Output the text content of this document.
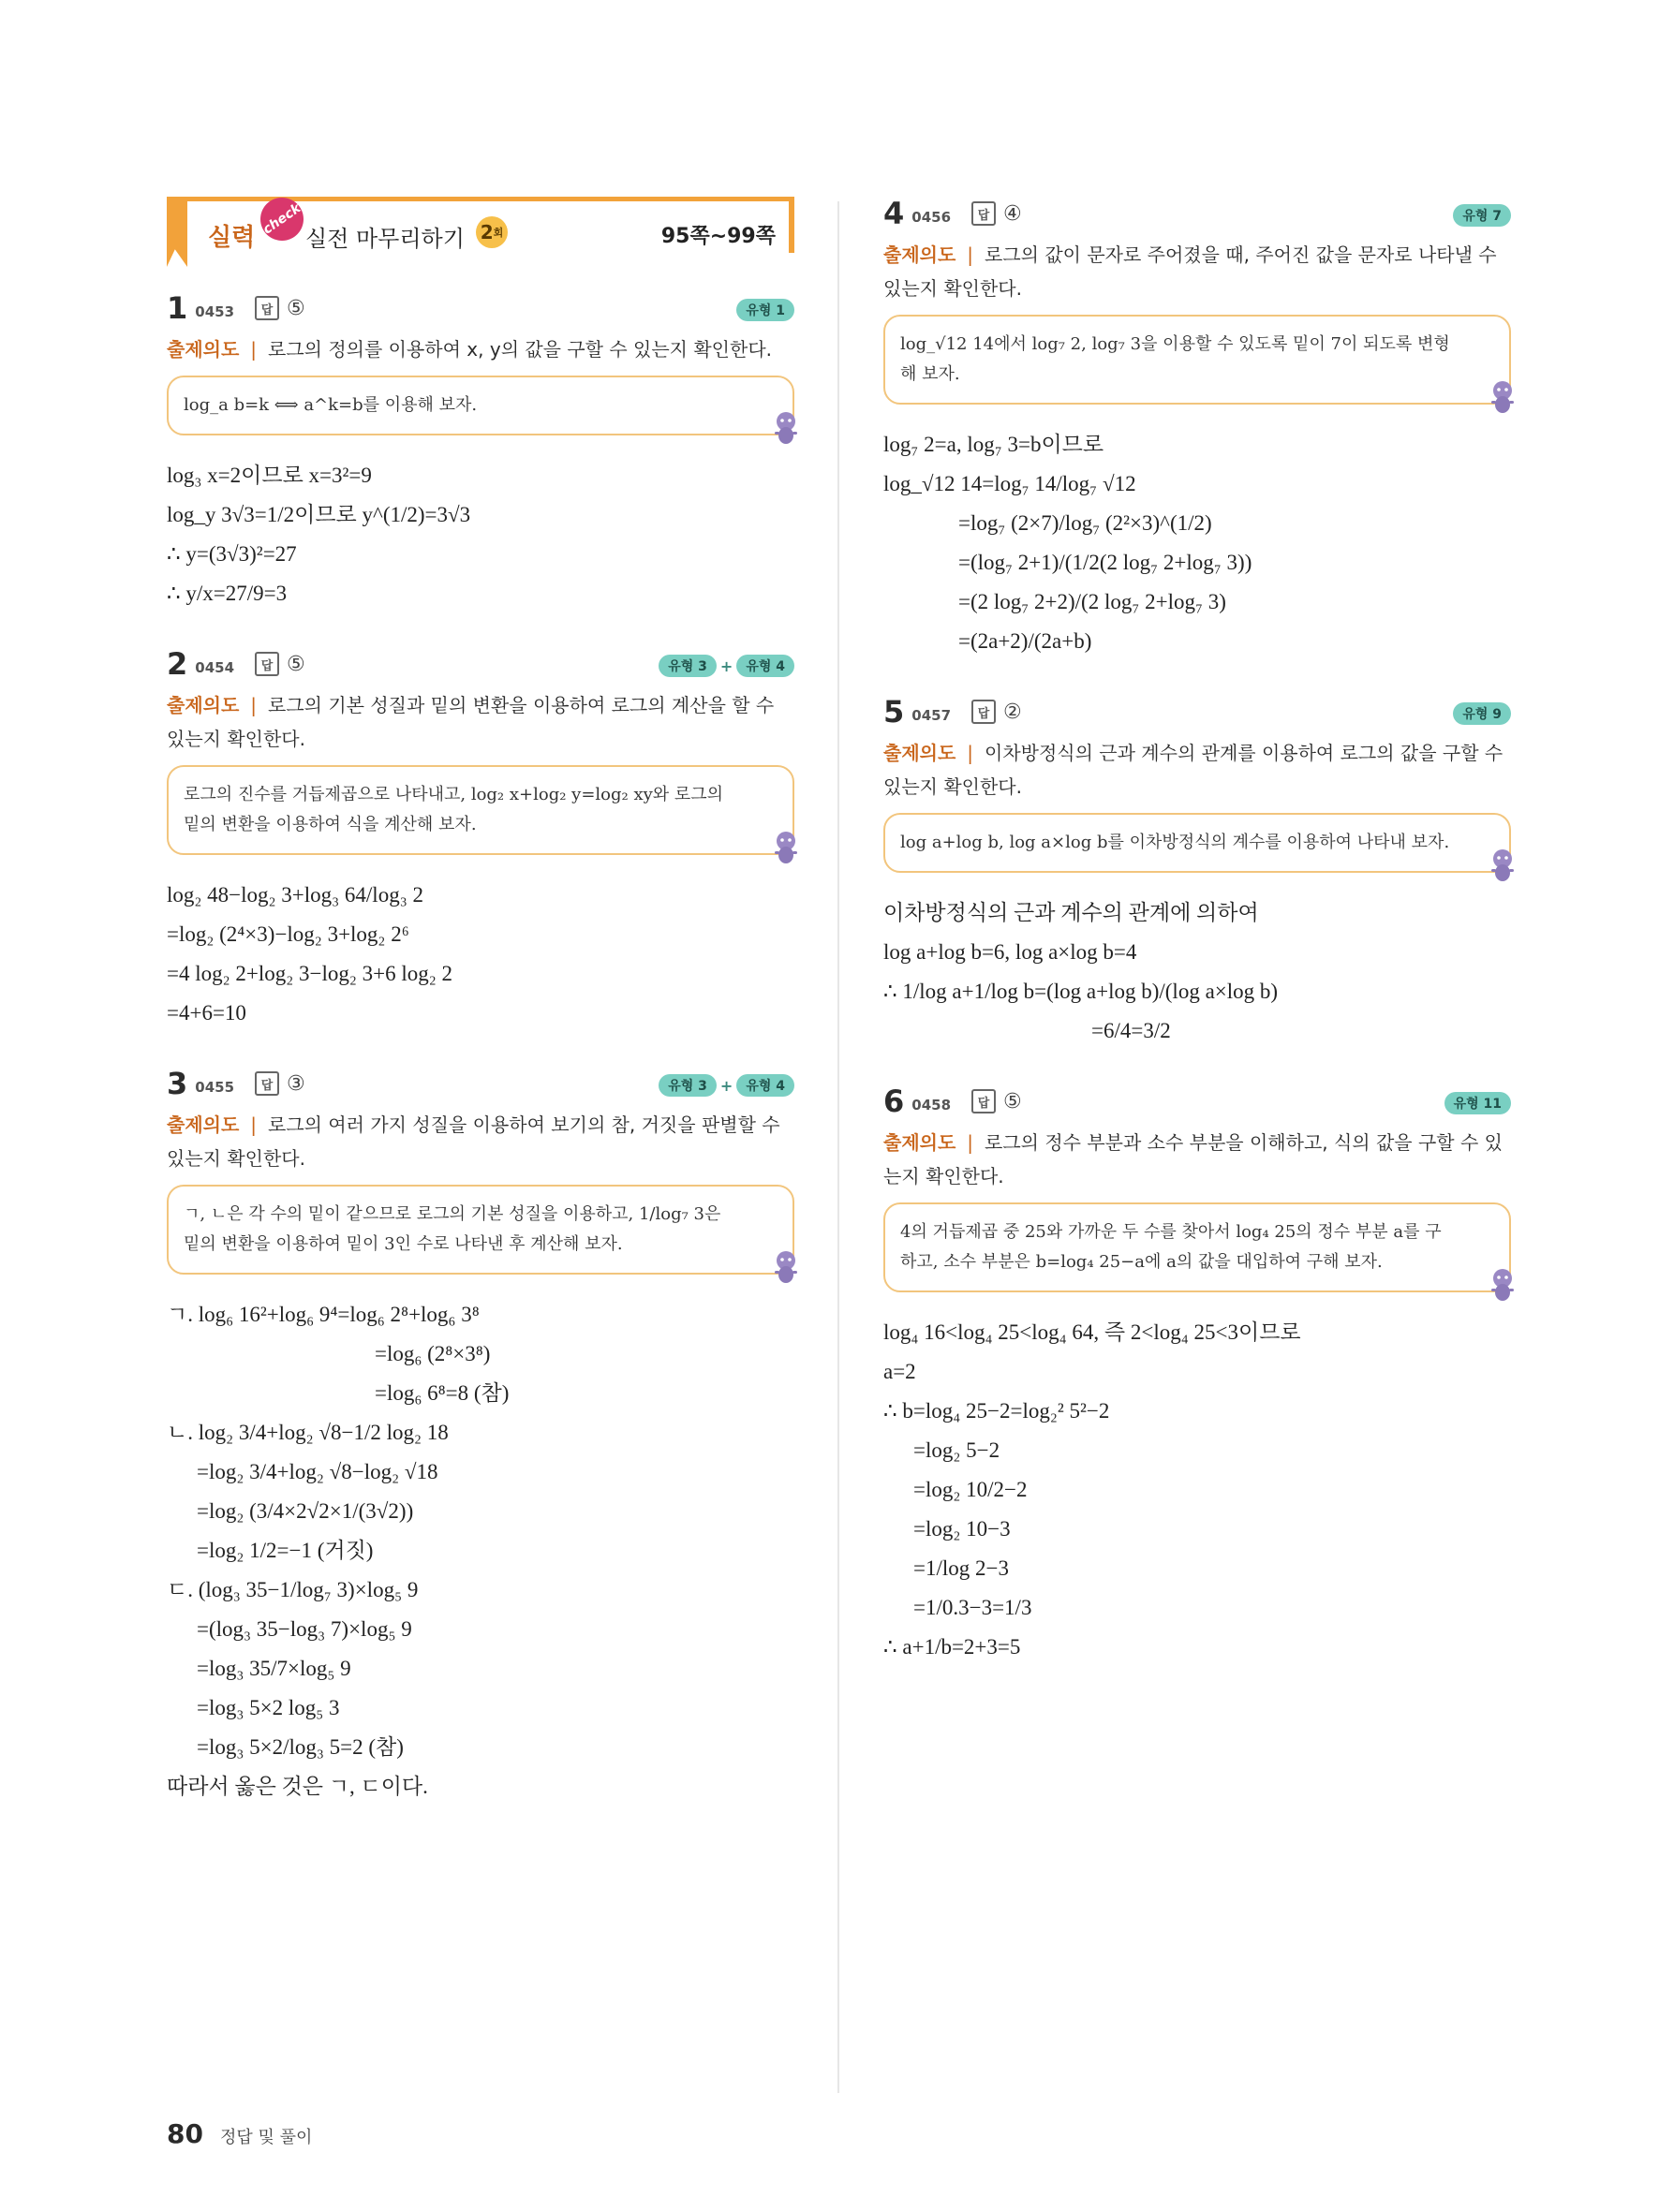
실력
check
실전 마무리하기 2 회	95쪽~99쪽
1 0453	답 ⑤	유형 1
출제의도 | 로그의 정의를 이용하여 x, y의 값을 구할 수 있는지 확인한다.
log_a b=k ⟺ a^k=b를 이용해 보자.
log₃ x=2이므로 x=3²=9
log_y 3√3=1/2이므로 y^(1/2)=3√3
∴ y=(3√3)²=27
∴ y/x=27/9=3
2 0454	답 ⑤	유형 3 +	유형 4
출제의도 | 로그의 기본 성질과 밑의 변환을 이용하여 로그의 계산을 할 수 있는지 확인한다.
로그의 진수를 거듭제곱으로 나타내고, log₂ x+log₂ y=log₂ xy와 로그의 밑의 변환을 이용하여 식을 계산해 보자.
log₂ 48−log₂ 3+log₃ 64/log₃ 2
=log₂ (2⁴×3)−log₂ 3+log₂ 2⁶
=4 log₂ 2+log₂ 3−log₂ 3+6 log₂ 2
=4+6=10
3 0455	답 ③	유형 3 +	유형 4
출제의도 | 로그의 여러 가지 성질을 이용하여 보기의 참, 거짓을 판별할 수 있는지 확인한다.
ㄱ, ㄴ은 각 수의 밑이 같으므로 로그의 기본 성질을 이용하고, 1/log₇ 3은 밑의 변환을 이용하여 밑이 3인 수로 나타낸 후 계산해 보자.
ㄱ. log₆ 16²+log₆ 9⁴=log₆ 2⁸+log₆ 3⁸
=log₆ (2⁸×3⁸)
=log₆ 6⁸=8 (참)
ㄴ. log₂ 3/4+log₂ √8−1/2 log₂ 18
=log₂ 3/4+log₂ √8−log₂ √18
=log₂ (3/4×2√2×1/(3√2))
=log₂ 1/2=−1 (거짓)
ㄷ. (log₃ 35−1/log₇ 3)×log₅ 9
=(log₃ 35−log₃ 7)×log₅ 9
=log₃ 35/7×log₅ 9
=log₃ 5×2 log₅ 3
=log₃ 5×2/log₃ 5=2 (참)
따라서 옳은 것은 ㄱ, ㄷ이다.
4 0456	답 ④	유형 7
출제의도 | 로그의 값이 문자로 주어졌을 때, 주어진 값을 문자로 나타낼 수 있는지 확인한다.
log_√12 14에서 log₇ 2, log₇ 3을 이용할 수 있도록 밑이 7이 되도록 변형해 보자.
log₇ 2=a, log₇ 3=b이므로
log_√12 14=log₇ 14/log₇ √12
=log₇ (2×7)/log₇ (2²×3)^(1/2)
=(log₇ 2+1)/(1/2(2 log₇ 2+log₇ 3))
=(2 log₇ 2+2)/(2 log₇ 2+log₇ 3)
=(2a+2)/(2a+b)
5 0457	답 ②	유형 9
출제의도 | 이차방정식의 근과 계수의 관계를 이용하여 로그의 값을 구할 수 있는지 확인한다.
log a+log b, log a×log b를 이차방정식의 계수를 이용하여 나타내 보자.
이차방정식의 근과 계수의 관계에 의하여
log a+log b=6, log a×log b=4
∴ 1/log a+1/log b=(log a+log b)/(log a×log b)
=6/4=3/2
6 0458	답 ⑤	유형 11
출제의도 | 로그의 정수 부분과 소수 부분을 이해하고, 식의 값을 구할 수 있는지 확인한다.
4의 거듭제곱 중 25와 가까운 두 수를 찾아서 log₄ 25의 정수 부분 a를 구하고, 소수 부분은 b=log₄ 25−a에 a의 값을 대입하여 구해 보자.
log₄ 16<log₄ 25<log₄ 64, 즉 2<log₄ 25<3이므로
a=2
∴ b=log₄ 25−2=log₂² 5²−2
=log₂ 5−2
=log₂ 10/2−2
=log₂ 10−3
=1/log 2−3
=1/0.3−3=1/3
∴ a+1/b=2+3=5
80 정답 및 풀이
